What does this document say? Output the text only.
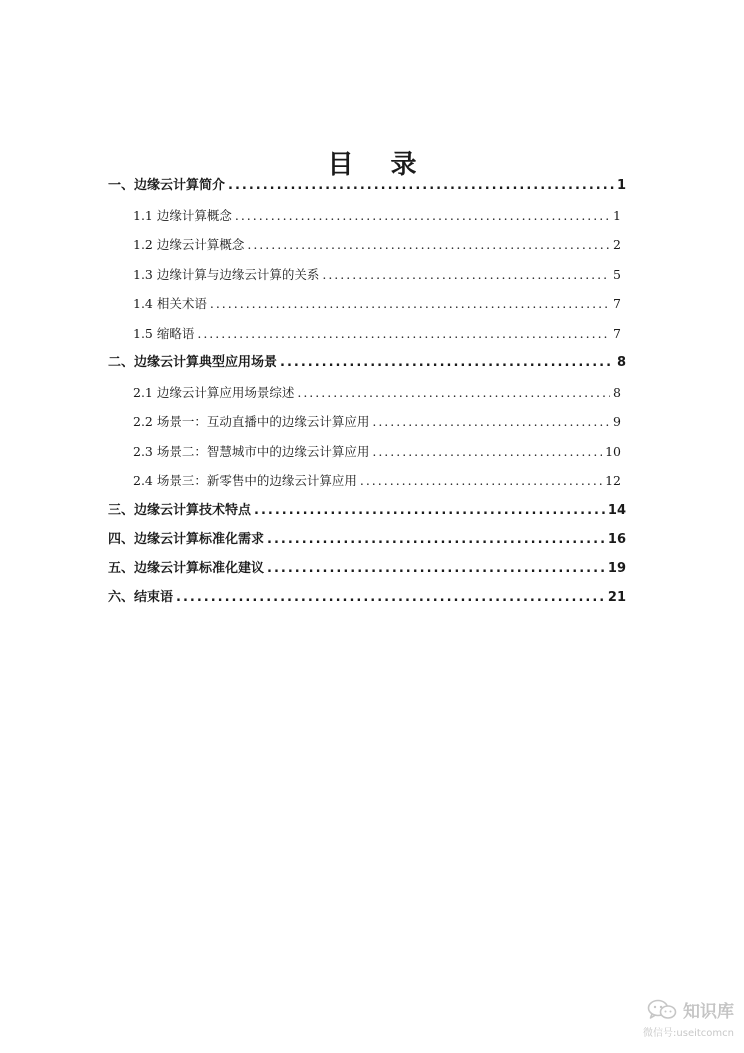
目 录
一、边缘云计算简介 .....	1
1.1 边缘计算概念 .....	1
1.2 边缘云计算概念 .....	2
1.3 边缘计算与边缘云计算的关系 .....	5
1.4 相关术语 .....	7
1.5 缩略语 .....	7
二、边缘云计算典型应用场景 .....	8
2.1 边缘云计算应用场景综述 .....	8
2.2 场景一：互动直播中的边缘云计算应用 .....	9
2.3 场景二：智慧城市中的边缘云计算应用 .....	10
2.4 场景三：新零售中的边缘云计算应用 .....	12
三、边缘云计算技术特点 .....	14
四、边缘云计算标准化需求 .....	16
五、边缘云计算标准化建议 .....	19
六、结束语 .....	21
知识库
微信号:useitcomcn
